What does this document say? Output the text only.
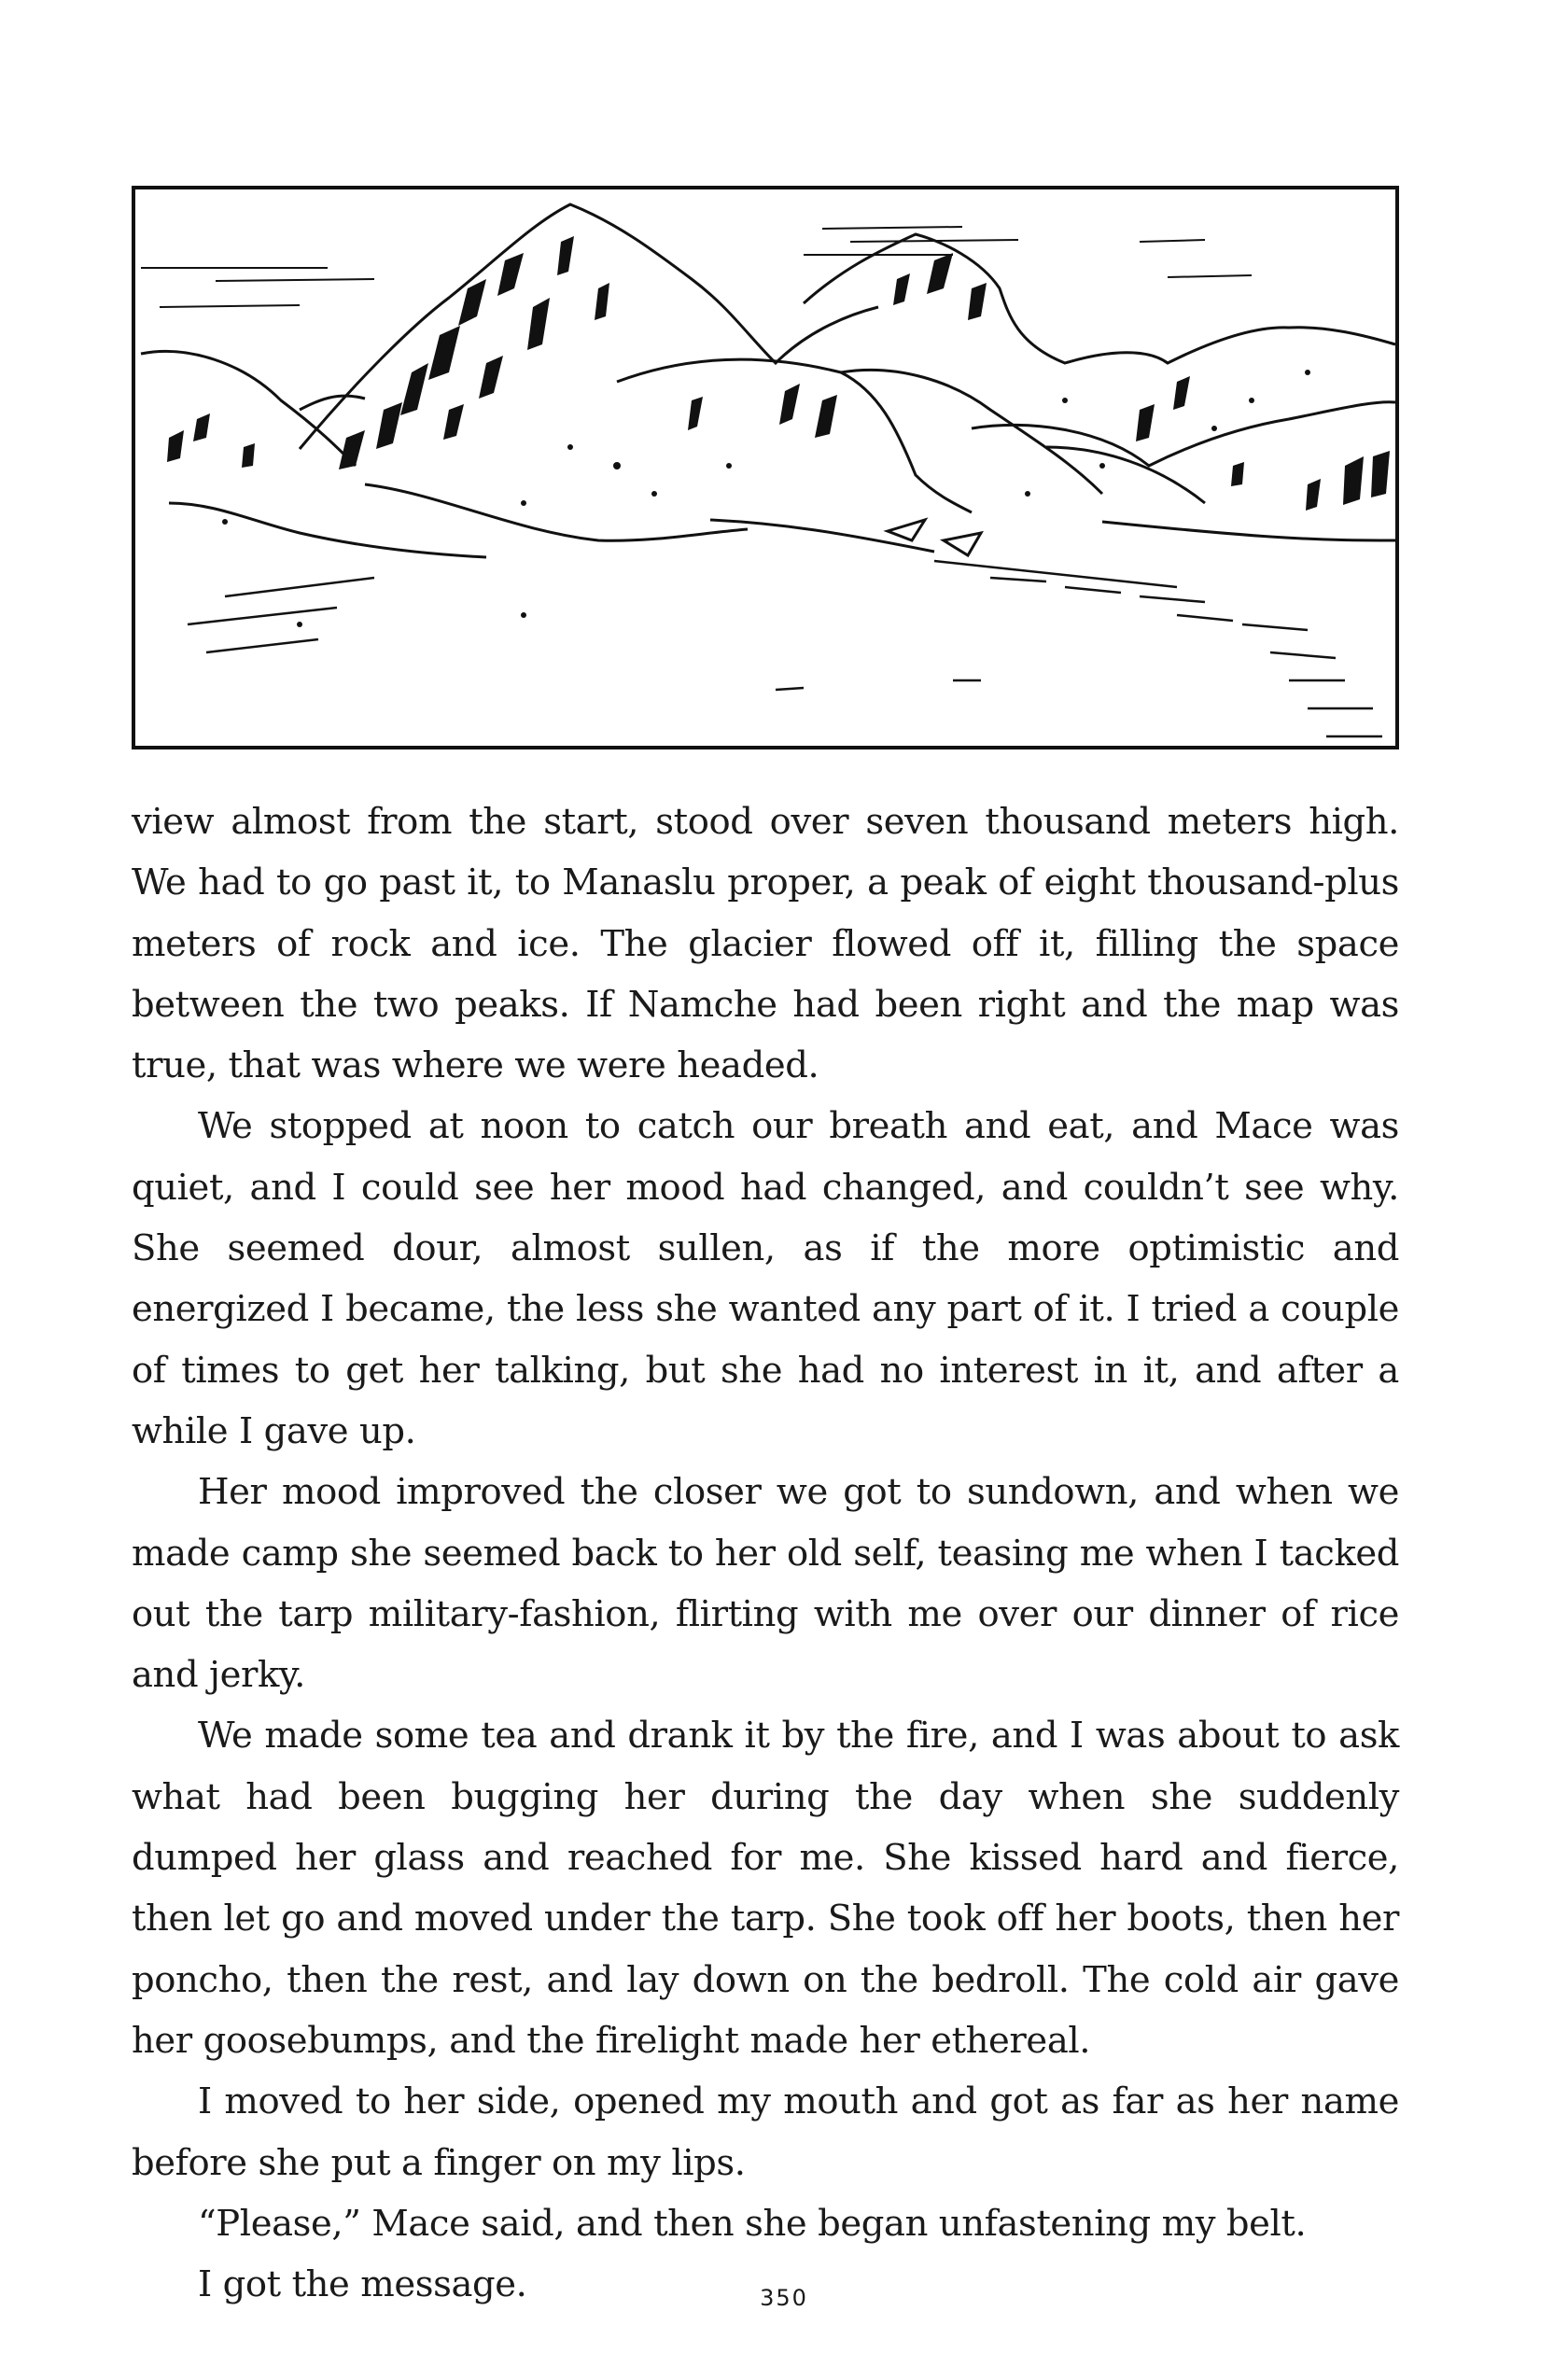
view almost from the start, stood over seven thousand meters high. We had to go past it, to Manaslu proper, a peak of eight thousand-plus meters of rock and ice. The glacier flowed off it, filling the space between the two peaks. If Namche had been right and the map was true, that was where we were headed.

We stopped at noon to catch our breath and eat, and Mace was quiet, and I could see her mood had changed, and couldn’t see why. She seemed dour, almost sullen, as if the more optimistic and energized I became, the less she wanted any part of it. I tried a couple of times to get her talking, but she had no interest in it, and after a while I gave up.

Her mood improved the closer we got to sundown, and when we made camp she seemed back to her old self, teasing me when I tacked out the tarp military-fashion, flirting with me over our dinner of rice and jerky.

We made some tea and drank it by the fire, and I was about to ask what had been bugging her during the day when she suddenly dumped her glass and reached for me. She kissed hard and fierce, then let go and moved under the tarp. She took off her boots, then her poncho, then the rest, and lay down on the bedroll. The cold air gave her goosebumps, and the firelight made her ethereal.

I moved to her side, opened my mouth and got as far as her name before she put a finger on my lips.

“Please,” Mace said, and then she began unfastening my belt.

I got the message.	350
